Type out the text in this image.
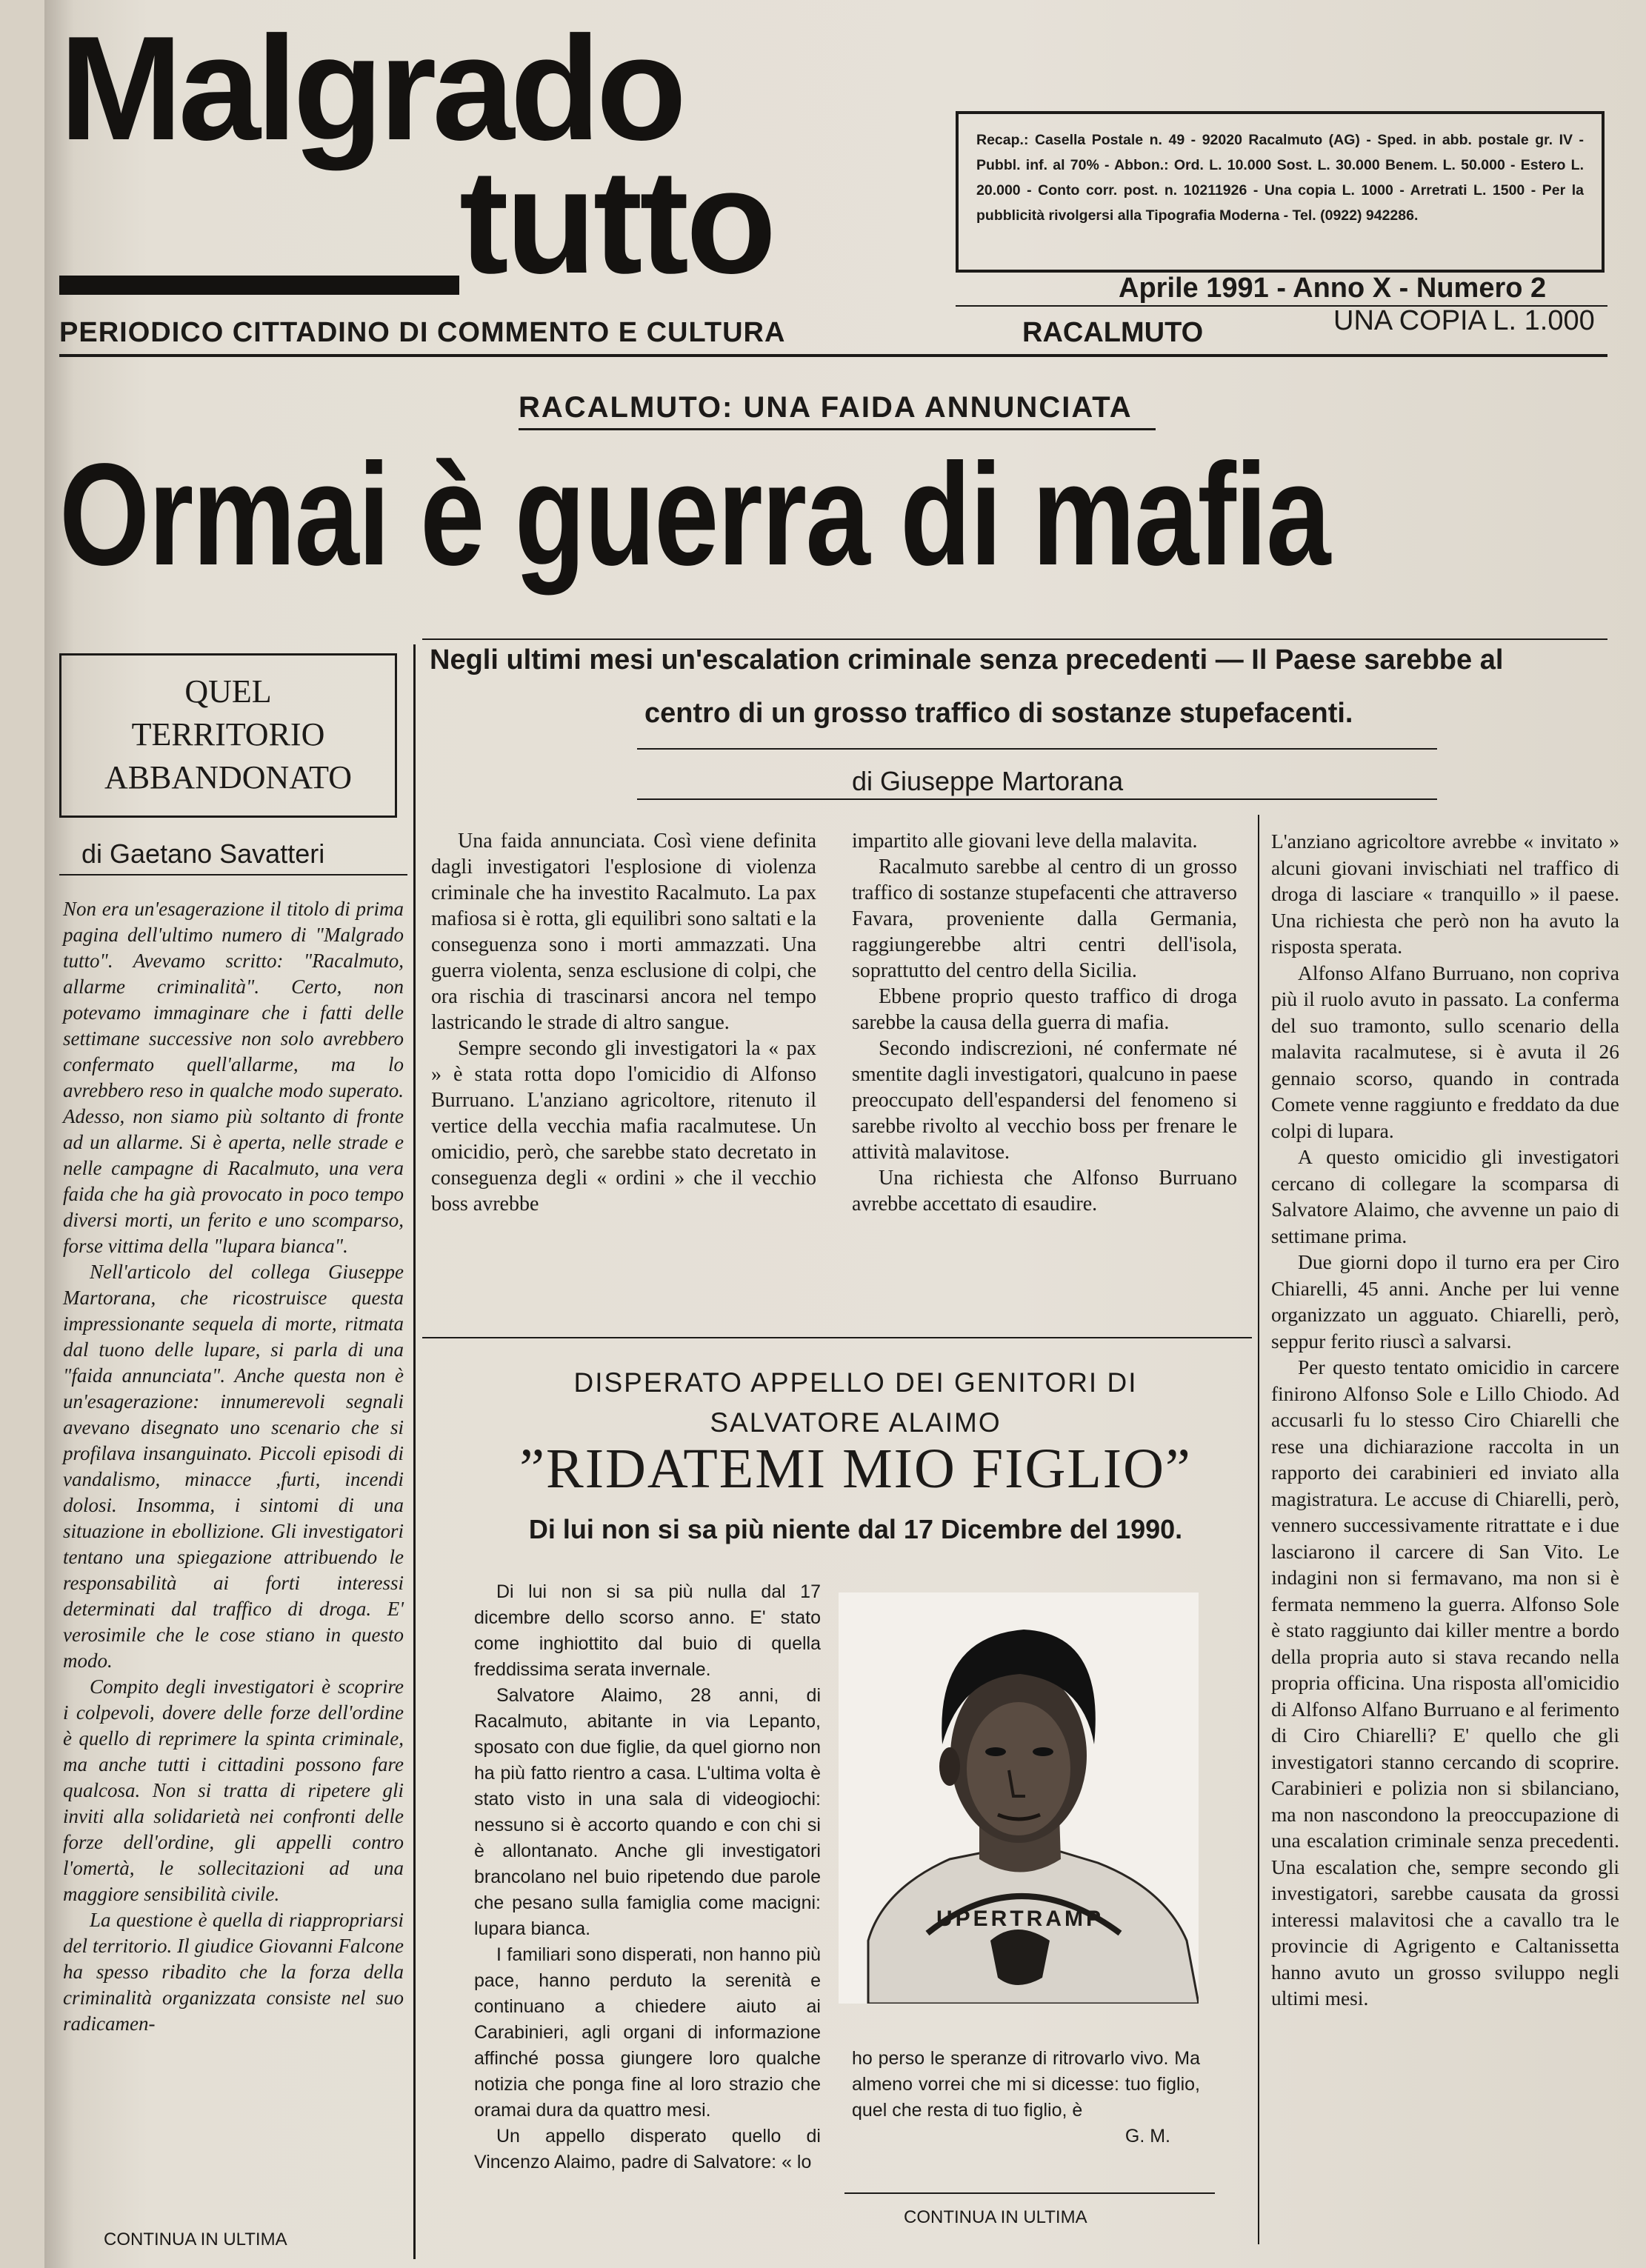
Malgrado
tutto
PERIODICO CITTADINO DI COMMENTO E CULTURA
Recap.: Casella Postale n. 49 - 92020 Racalmuto (AG) - Sped. in abb. postale gr. IV - Pubbl. inf. al 70% - Abbon.: Ord. L. 10.000 Sost. L. 30.000 Benem. L. 50.000 - Estero L. 20.000 - Conto corr. post. n. 10211926 - Una copia L. 1000 - Arretrati L. 1500 - Per la pubblicità rivolgersi alla Tipografia Moderna - Tel. (0922) 942286.
Aprile 1991 - Anno X - Numero 2
RACALMUTO	UNA COPIA L. 1.000
RACALMUTO: UNA FAIDA ANNUNCIATA
Ormai è guerra di mafia
Negli ultimi mesi un'escalation criminale senza precedenti — Il Paese sarebbe al
centro di un grosso traffico di sostanze stupefacenti.
di Giuseppe Martorana
QUEL
TERRITORIO
ABBANDONATO
di Gaetano Savatteri

Non era un'esagerazione il titolo di prima pagina dell'ultimo numero di "Malgrado tutto". Avevamo scritto: "Racalmuto, allarme criminalità". Certo, non potevamo immaginare che i fatti delle settimane successive non solo avrebbero confermato quell'allarme, ma lo avrebbero reso in qualche modo superato. Adesso, non siamo più soltanto di fronte ad un allarme. Si è aperta, nelle strade e nelle campagne di Racalmuto, una vera faida che ha già provocato in poco tempo diversi morti, un ferito e uno scomparso, forse vittima della "lupara bianca".

Nell'articolo del collega Giuseppe Martorana, che ricostruisce questa impressionante sequela di morte, ritmata dal tuono delle lupare, si parla di una "faida annunciata". Anche questa non è un'esagerazione: innumerevoli segnali avevano disegnato uno scenario che si profilava insanguinato. Piccoli episodi di vandalismo, minacce ,furti, incendi dolosi. Insomma, i sintomi di una situazione in ebollizione. Gli investigatori tentano una spiegazione attribuendo le responsabilità ai forti interessi determinati dal traffico di droga. E' verosimile che le cose stiano in questo modo.

Compito degli investigatori è scoprire i colpevoli, dovere delle forze dell'ordine è quello di reprimere la spinta criminale, ma anche tutti i cittadini possono fare qualcosa. Non si tratta di ripetere gli inviti alla solidarietà nei confronti delle forze dell'ordine, gli appelli contro l'omertà, le sollecitazioni ad una maggiore sensibilità civile.

La questione è quella di riappropriarsi del territorio. Il giudice Giovanni Falcone ha spesso ribadito che la forza della criminalità organizzata consiste nel suo radicamen-

CONTINUA IN ULTIMA

Una faida annunciata. Così viene definita dagli investigatori l'esplosione di violenza criminale che ha investito Racalmuto. La pax mafiosa si è rotta, gli equilibri sono saltati e la conseguenza sono i morti ammazzati. Una guerra violenta, senza esclusione di colpi, che ora rischia di trascinarsi ancora nel tempo lastricando le strade di altro sangue.

Sempre secondo gli investigatori la « pax » è stata rotta dopo l'omicidio di Alfonso Burruano. L'anziano agricoltore, ritenuto il vertice della vecchia mafia racalmutese. Un omicidio, però, che sarebbe stato decretato in conseguenza degli « ordini » che il vecchio boss avrebbe

impartito alle giovani leve della malavita.

Racalmuto sarebbe al centro di un grosso traffico di sostanze stupefacenti che attraverso Favara, proveniente dalla Germania, raggiungerebbe altri centri dell'isola, soprattutto del centro della Sicilia.

Ebbene proprio questo traffico di droga sarebbe la causa della guerra di mafia.

Secondo indiscrezioni, né confermate né smentite dagli investigatori, qualcuno in paese preoccupato dell'espandersi del fenomeno si sarebbe rivolto al vecchio boss per frenare le attività malavitose.

Una richiesta che Alfonso Burruano avrebbe accettato di esaudire.

L'anziano agricoltore avrebbe « invitato » alcuni giovani invischiati nel traffico di droga di lasciare « tranquillo » il paese. Una richiesta che però non ha avuto la risposta sperata.

Alfonso Alfano Burruano, non copriva più il ruolo avuto in passato. La conferma del suo tramonto, sullo scenario della malavita racalmutese, si è avuta il 26 gennaio scorso, quando in contrada Comete venne raggiunto e freddato da due colpi di lupara.

A questo omicidio gli investigatori cercano di collegare la scomparsa di Salvatore Alaimo, che avvenne un paio di settimane prima.

Due giorni dopo il turno era per Ciro Chiarelli, 45 anni. Anche per lui venne organizzato un agguato. Chiarelli, però, seppur ferito riuscì a salvarsi.

Per questo tentato omicidio in carcere finirono Alfonso Sole e Lillo Chiodo. Ad accusarli fu lo stesso Ciro Chiarelli che rese una dichiarazione raccolta in un rapporto dei carabinieri ed inviato alla magistratura. Le accuse di Chiarelli, però, vennero successivamente ritrattate e i due lasciarono il carcere di San Vito. Le indagini non si fermavano, ma non si è fermata nemmeno la guerra. Alfonso Sole è stato raggiunto dai killer mentre a bordo della propria auto si stava recando nella propria officina. Una risposta all'omicidio di Alfonso Alfano Burruano e al ferimento di Ciro Chiarelli? E' quello che gli investigatori stanno cercando di scoprire. Carabinieri e polizia non si sbilanciano, ma non nascondono la preoccupazione di una escalation criminale senza precedenti. Una escalation che, sempre secondo gli investigatori, sarebbe causata da grossi interessi malavitosi che a cavallo tra le provincie di Agrigento e Caltanissetta hanno avuto un grosso sviluppo negli ultimi mesi.

DISPERATO APPELLO DEI GENITORI DI
SALVATORE ALAIMO
”RIDATEMI MIO FIGLIO”
Di lui non si sa più niente dal 17 Dicembre del 1990.

Di lui non si sa più nulla dal 17 dicembre dello scorso anno. E' stato come inghiottito dal buio di quella freddissima serata invernale.

Salvatore Alaimo, 28 anni, di Racalmuto, abitante in via Lepanto, sposato con due figlie, da quel giorno non ha più fatto rientro a casa. L'ultima volta è stato visto in una sala di videogiochi: nessuno si è accorto quando e con chi si è allontanato. Anche gli investigatori brancolano nel buio ripetendo due parole che pesano sulla famiglia come macigni: lupara bianca.

I familiari sono disperati, non hanno più pace, hanno perduto la serenità e continuano a chiedere aiuto ai Carabinieri, agli organi di informazione affinché possa giungere loro qualche notizia che ponga fine al loro strazio che oramai dura da quattro mesi.

Un appello disperato quello di Vincenzo Alaimo, padre di Salvatore: « lo

UPERTRAMP

ho perso le speranze di ritrovarlo vivo. Ma almeno vorrei che mi si dicesse: tuo figlio, quel che resta di tuo figlio, è

G. M.
CONTINUA IN ULTIMA
